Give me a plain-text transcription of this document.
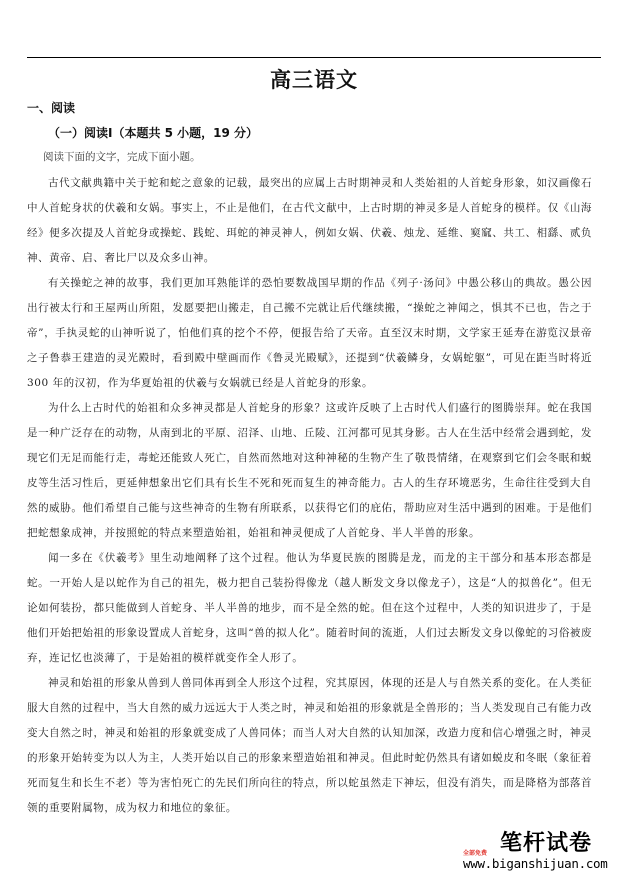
高三语文
一、阅读
（一）阅读Ⅰ（本题共 5 小题，19 分）
阅读下面的文字，完成下面小题。

古代文献典籍中关于蛇和蛇之意象的记载，最突出的应属上古时期神灵和人类始祖的人首蛇身形象，如汉画像石中人首蛇身状的伏羲和女娲。事实上，不止是他们，在古代文献中，上古时期的神灵多是人首蛇身的模样。仅《山海经》便多次提及人首蛇身或操蛇、践蛇、珥蛇的神灵神人，例如女娲、伏羲、烛龙、延维、窫窳、共工、相繇、贰负神、黄帝、启、奢比尸以及众多山神。

有关操蛇之神的故事，我们更加耳熟能详的恐怕要数战国早期的作品《列子·汤问》中愚公移山的典故。愚公因出行被太行和王屋两山所阻，发愿要把山搬走，自己搬不完就让后代继续搬，“操蛇之神闻之，惧其不已也，告之于帝”，手执灵蛇的山神听说了，怕他们真的挖个不停，便报告给了天帝。直至汉末时期，文学家王延寿在游览汉景帝之子鲁恭王建造的灵光殿时，看到殿中壁画而作《鲁灵光殿赋》，还提到“伏羲鳞身，女娲蛇躯”，可见在距当时将近 300 年的汉初，作为华夏始祖的伏羲与女娲就已经是人首蛇身的形象。

为什么上古时代的始祖和众多神灵都是人首蛇身的形象？这或许反映了上古时代人们盛行的图腾崇拜。蛇在我国是一种广泛存在的动物，从南到北的平原、沼泽、山地、丘陵、江河都可见其身影。古人在生活中经常会遇到蛇，发现它们无足而能行走，毒蛇还能致人死亡，自然而然地对这种神秘的生物产生了敬畏情绪，在观察到它们会冬眠和蜕皮等生活习性后，更延伸想象出它们具有长生不死和死而复生的神奇能力。古人的生存环境恶劣，生命往往受到大自然的威胁。他们希望自己能与这些神奇的生物有所联系，以获得它们的庇佑，帮助应对生活中遇到的困难。于是他们把蛇想象成神，并按照蛇的特点来塑造始祖，始祖和神灵便成了人首蛇身、半人半兽的形象。

闻一多在《伏羲考》里生动地阐释了这个过程。他认为华夏民族的图腾是龙，而龙的主干部分和基本形态都是蛇。一开始人是以蛇作为自己的祖先，极力把自己装扮得像龙（越人断发文身以像龙子），这是“人的拟兽化”。但无论如何装扮，都只能做到人首蛇身、半人半兽的地步，而不是全然的蛇。但在这个过程中，人类的知识进步了，于是他们开始把始祖的形象设置成人首蛇身，这叫“兽的拟人化”。随着时间的流逝，人们过去断发文身以像蛇的习俗被废弃，连记忆也淡薄了，于是始祖的模样就变作全人形了。

神灵和始祖的形象从兽到人兽同体再到全人形这个过程，究其原因，体现的还是人与自然关系的变化。在人类征服大自然的过程中，当大自然的威力远远大于人类之时，神灵和始祖的形象就是全兽形的；当人类发现自己有能力改变大自然之时，神灵和始祖的形象就变成了人兽同体；而当人对大自然的认知加深，改造力度和信心增强之时，神灵的形象开始转变为以人为主，人类开始以自己的形象来塑造始祖和神灵。但此时蛇仍然具有诸如蜕皮和冬眠（象征着死而复生和长生不老）等为害怕死亡的先民们所向往的特点，所以蛇虽然走下神坛，但没有消失，而是降格为部落首领的重要附属物，成为权力和地位的象征。

笔杆试卷
全部免费
www.biganshijuan.com
